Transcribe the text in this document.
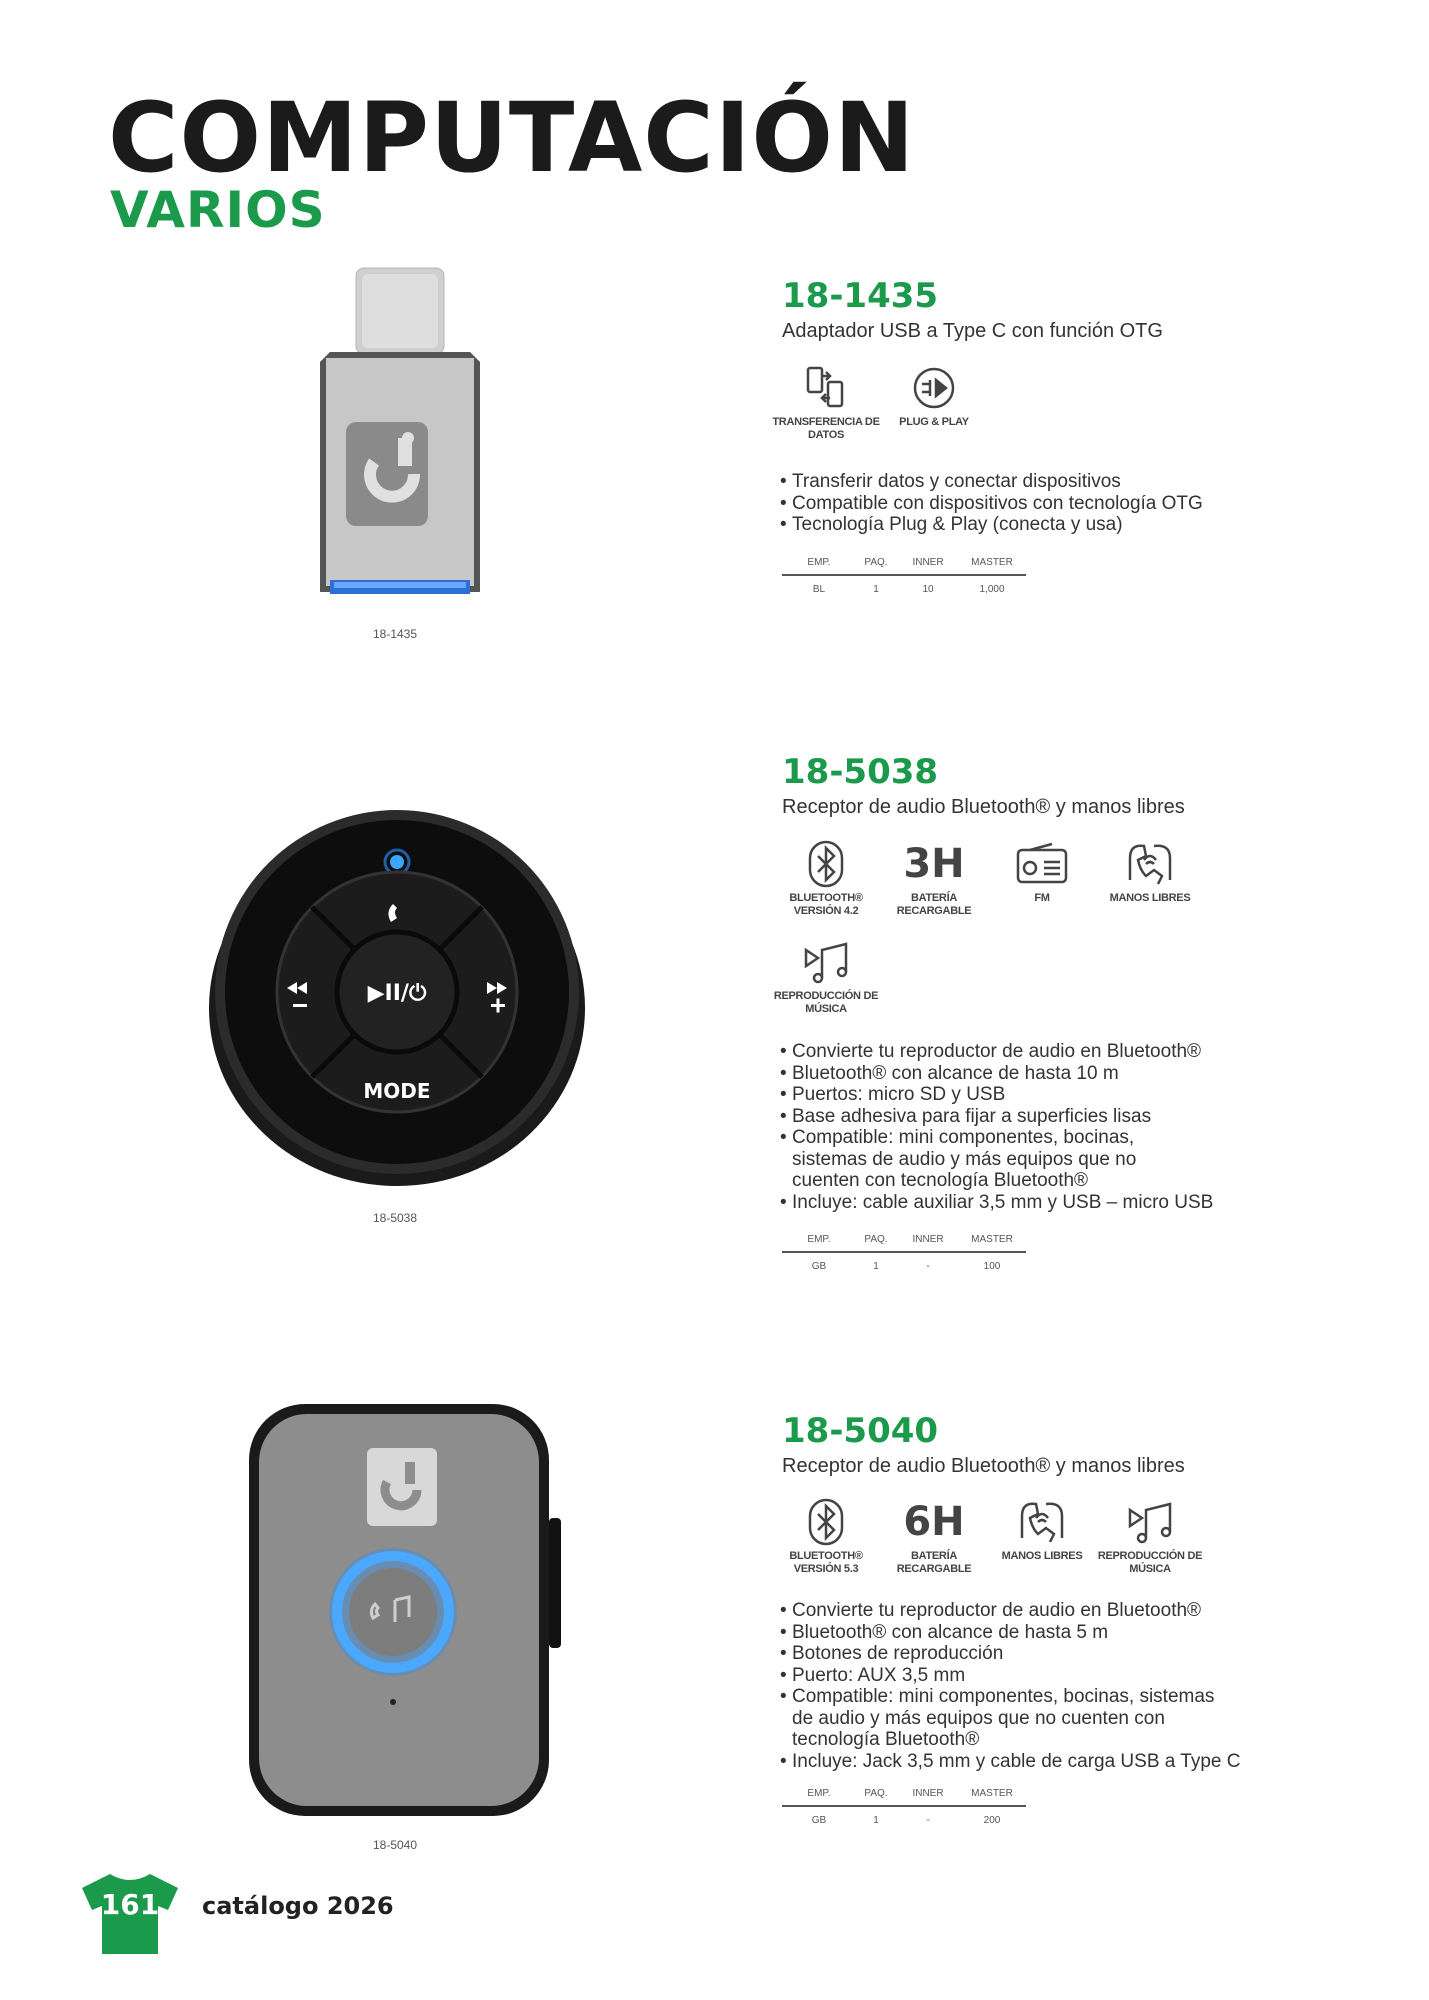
COMPUTACIÓN
VARIOS
18-1435
18-1435
Adaptador USB a Type C con función OTG
TRANSFERENCIA DE DATOS
PLUG & PLAY
• Transferir datos y conectar dispositivos
• Compatible con dispositivos con tecnología OTG
• Tecnología Plug & Play (conecta y usa)
EMP.	PAQ.	INNER	MASTER
BL	1	10	1,000
▶II/⏻
MODE
18-5038
18-5038
Receptor de audio Bluetooth® y manos libres
BLUETOOTH® VERSIÓN 4.2
3H
BATERÍA RECARGABLE
FM	MANOS LIBRES
REPRODUCCIÓN DE MÚSICA
• Convierte tu reproductor de audio en Bluetooth®
• Bluetooth® con alcance de hasta 10 m
• Puertos: micro SD y USB
• Base adhesiva para fijar a superficies lisas
• Compatible: mini componentes, bocinas, sistemas de audio y más equipos que no cuenten con tecnología Bluetooth®
• Incluye: cable auxiliar 3,5 mm y USB – micro USB
EMP.	PAQ.	INNER	MASTER
GB	1	-	100
18-5040
18-5040
Receptor de audio Bluetooth® y manos libres
BLUETOOTH® VERSIÓN 5.3
6H
BATERÍA RECARGABLE
MANOS LIBRES	REPRODUCCIÓN DE MÚSICA
• Convierte tu reproductor de audio en Bluetooth®
• Bluetooth® con alcance de hasta 5 m
• Botones de reproducción
• Puerto: AUX 3,5 mm
• Compatible: mini componentes, bocinas, sistemas de audio y más equipos que no cuenten con tecnología Bluetooth®
• Incluye: Jack 3,5 mm y cable de carga USB a Type C
EMP.	PAQ.	INNER	MASTER
GB	1	-	200
161	catálogo 2026
